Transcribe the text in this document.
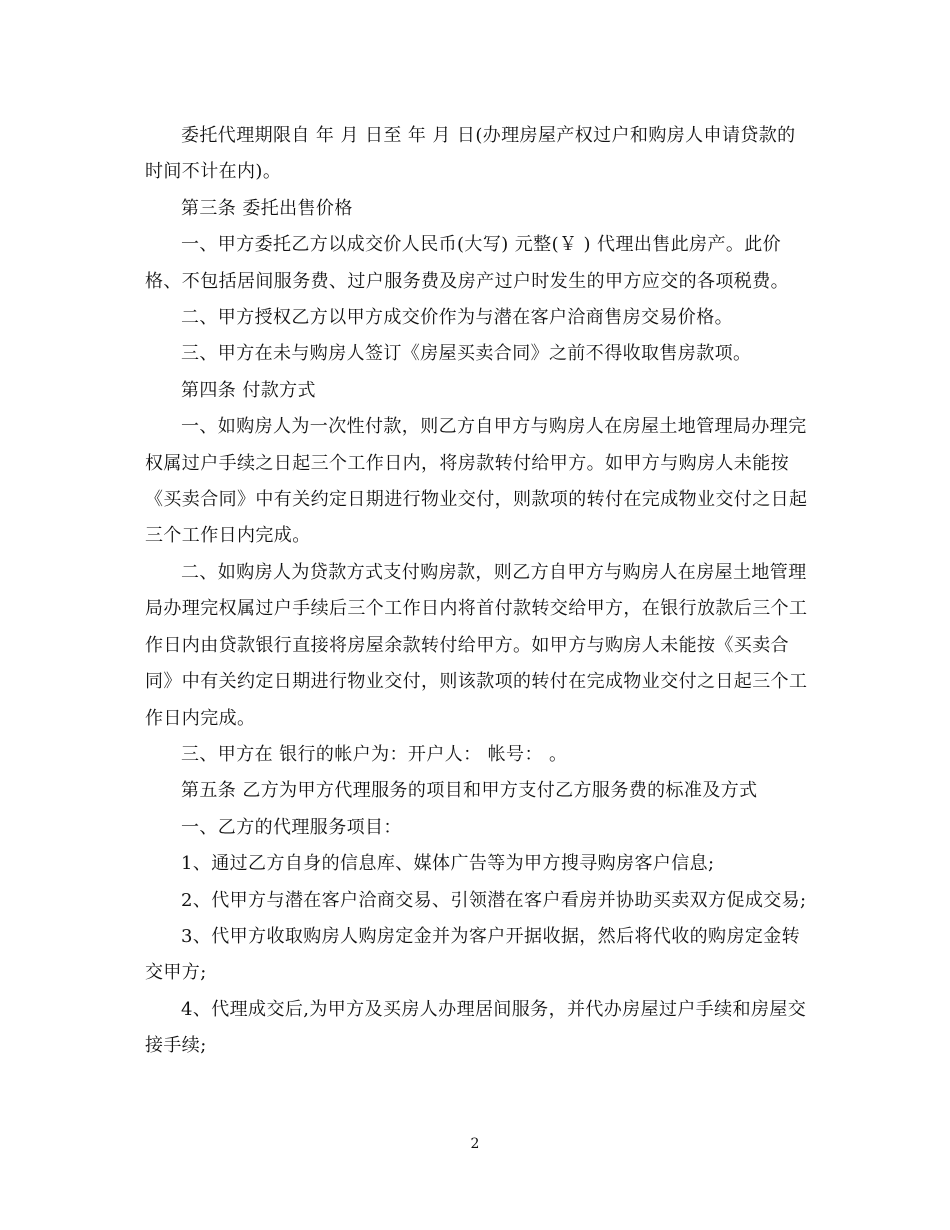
委托代理期限自 年 月 日至 年 月 日(办理房屋产权过户和购房人申请贷款的时间不计在内)。

第三条 委托出售价格

一、甲方委托乙方以成交价人民币(大写) 元整(￥ ) 代理出售此房产。此价格、不包括居间服务费、过户服务费及房产过户时发生的甲方应交的各项税费。

二、甲方授权乙方以甲方成交价作为与潜在客户洽商售房交易价格。

三、甲方在未与购房人签订《房屋买卖合同》之前不得收取售房款项。

第四条 付款方式

一、如购房人为一次性付款，则乙方自甲方与购房人在房屋土地管理局办理完权属过户手续之日起三个工作日内，将房款转付给甲方。如甲方与购房人未能按《买卖合同》中有关约定日期进行物业交付，则款项的转付在完成物业交付之日起三个工作日内完成。

二、如购房人为贷款方式支付购房款，则乙方自甲方与购房人在房屋土地管理局办理完权属过户手续后三个工作日内将首付款转交给甲方，在银行放款后三个工作日内由贷款银行直接将房屋余款转付给甲方。如甲方与购房人未能按《买卖合同》中有关约定日期进行物业交付，则该款项的转付在完成物业交付之日起三个工作日内完成。

三、甲方在 银行的帐户为：开户人： 帐号： 。

第五条 乙方为甲方代理服务的项目和甲方支付乙方服务费的标准及方式

一、乙方的代理服务项目：

1、通过乙方自身的信息库、媒体广告等为甲方搜寻购房客户信息;

2、代甲方与潜在客户洽商交易、引领潜在客户看房并协助买卖双方促成交易;

3、代甲方收取购房人购房定金并为客户开据收据，然后将代收的购房定金转交甲方;

4、代理成交后,为甲方及买房人办理居间服务，并代办房屋过户手续和房屋交接手续;

2
